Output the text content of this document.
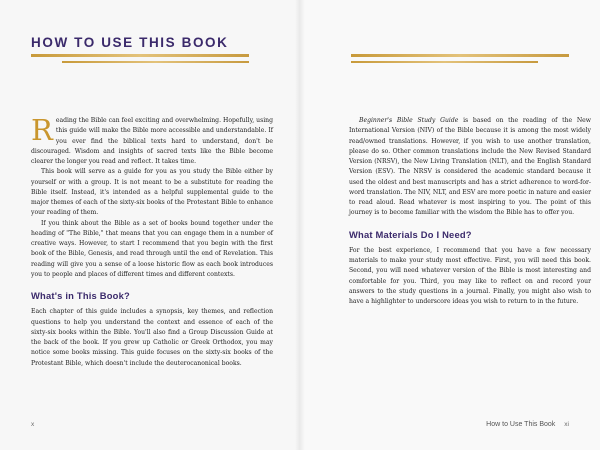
HOW TO USE THIS BOOK

Reading the Bible can feel exciting and overwhelming. Hopefully, using this guide will make the Bible more accessible and understandable. If you ever find the biblical texts hard to understand, don't be discouraged. Wisdom and insights of sacred texts like the Bible become clearer the longer you read and reflect. It takes time.

This book will serve as a guide for you as you study the Bible either by yourself or with a group. It is not meant to be a substitute for reading the Bible itself. Instead, it's intended as a helpful supplemental guide to the major themes of each of the sixty-six books of the Protestant Bible to enhance your reading of them.

If you think about the Bible as a set of books bound together under the heading of "The Bible," that means that you can engage them in a number of creative ways. However, to start I recommend that you begin with the first book of the Bible, Genesis, and read through until the end of Revelation. This reading will give you a sense of a loose historic flow as each book introduces you to people and places of different times and different contexts.

What's in This Book?

Each chapter of this guide includes a synopsis, key themes, and reflection questions to help you understand the context and essence of each of the sixty-six books within the Bible. You'll also find a Group Discussion Guide at the back of the book. If you grew up Catholic or Greek Orthodox, you may notice some books missing. This guide focuses on the sixty-six books of the Protestant Bible, which doesn't include the deuterocanonical books.

x

Beginner's Bible Study Guide is based on the reading of the New International Version (NIV) of the Bible because it is among the most widely read/owned translations. However, if you wish to use another translation, please do so. Other common translations include the New Revised Standard Version (NRSV), the New Living Translation (NLT), and the English Standard Version (ESV). The NRSV is considered the academic standard because it used the oldest and best manuscripts and has a strict adherence to word-for-word translation. The NIV, NLT, and ESV are more poetic in nature and easier to read aloud. Read whatever is most inspiring to you. The point of this journey is to become familiar with the wisdom the Bible has to offer you.

What Materials Do I Need?

For the best experience, I recommend that you have a few necessary materials to make your study most effective. First, you will need this book. Second, you will need whatever version of the Bible is most interesting and comfortable for you. Third, you may like to reflect on and record your answers to the study questions in a journal. Finally, you might also wish to have a highlighter to underscore ideas you wish to return to in the future.

How to Use This Book xi
